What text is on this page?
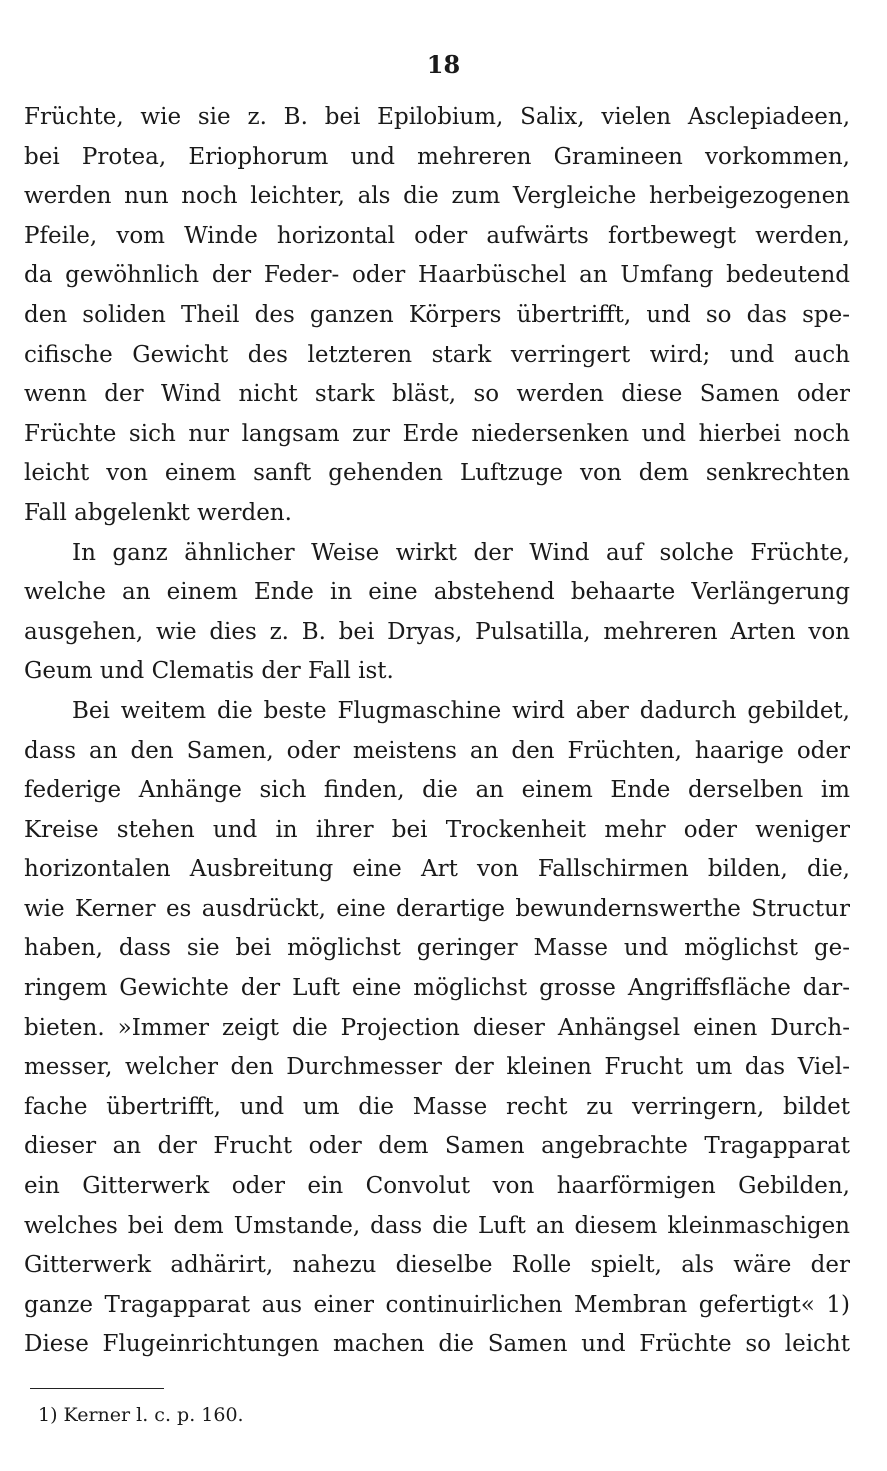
18
Früchte, wie sie z. B. bei Epilobium, Salix, vielen Asclepiadeen,
bei Protea, Eriophorum und mehreren Gramineen vorkommen,
werden nun noch leichter, als die zum Vergleiche herbeigezogenen
Pfeile, vom Winde horizontal oder aufwärts fortbewegt werden,
da gewöhnlich der Feder- oder Haarbüschel an Umfang bedeutend
den soliden Theil des ganzen Körpers übertrifft, und so das spe-
cifische Gewicht des letzteren stark verringert wird; und auch
wenn der Wind nicht stark bläst, so werden diese Samen oder
Früchte sich nur langsam zur Erde niedersenken und hierbei noch
leicht von einem sanft gehenden Luftzuge von dem senkrechten
Fall abgelenkt werden.
In ganz ähnlicher Weise wirkt der Wind auf solche Früchte,
welche an einem Ende in eine abstehend behaarte Verlängerung
ausgehen, wie dies z. B. bei Dryas, Pulsatilla, mehreren Arten von
Geum und Clematis der Fall ist.
Bei weitem die beste Flugmaschine wird aber dadurch gebildet,
dass an den Samen, oder meistens an den Früchten, haarige oder
federige Anhänge sich finden, die an einem Ende derselben im
Kreise stehen und in ihrer bei Trockenheit mehr oder weniger
horizontalen Ausbreitung eine Art von Fallschirmen bilden, die,
wie Kerner es ausdrückt, eine derartige bewundernswerthe Structur
haben, dass sie bei möglichst geringer Masse und möglichst ge-
ringem Gewichte der Luft eine möglichst grosse Angriffsfläche dar-
bieten. »Immer zeigt die Projection dieser Anhängsel einen Durch-
messer, welcher den Durchmesser der kleinen Frucht um das Viel-
fache übertrifft, und um die Masse recht zu verringern, bildet
dieser an der Frucht oder dem Samen angebrachte Tragapparat
ein Gitterwerk oder ein Convolut von haarförmigen Gebilden,
welches bei dem Umstande, dass die Luft an diesem kleinmaschigen
Gitterwerk adhärirt, nahezu dieselbe Rolle spielt, als wäre der
ganze Tragapparat aus einer continuirlichen Membran gefertigt« 1)
Diese Flugeinrichtungen machen die Samen und Früchte so leicht
1) Kerner l. c. p. 160.
